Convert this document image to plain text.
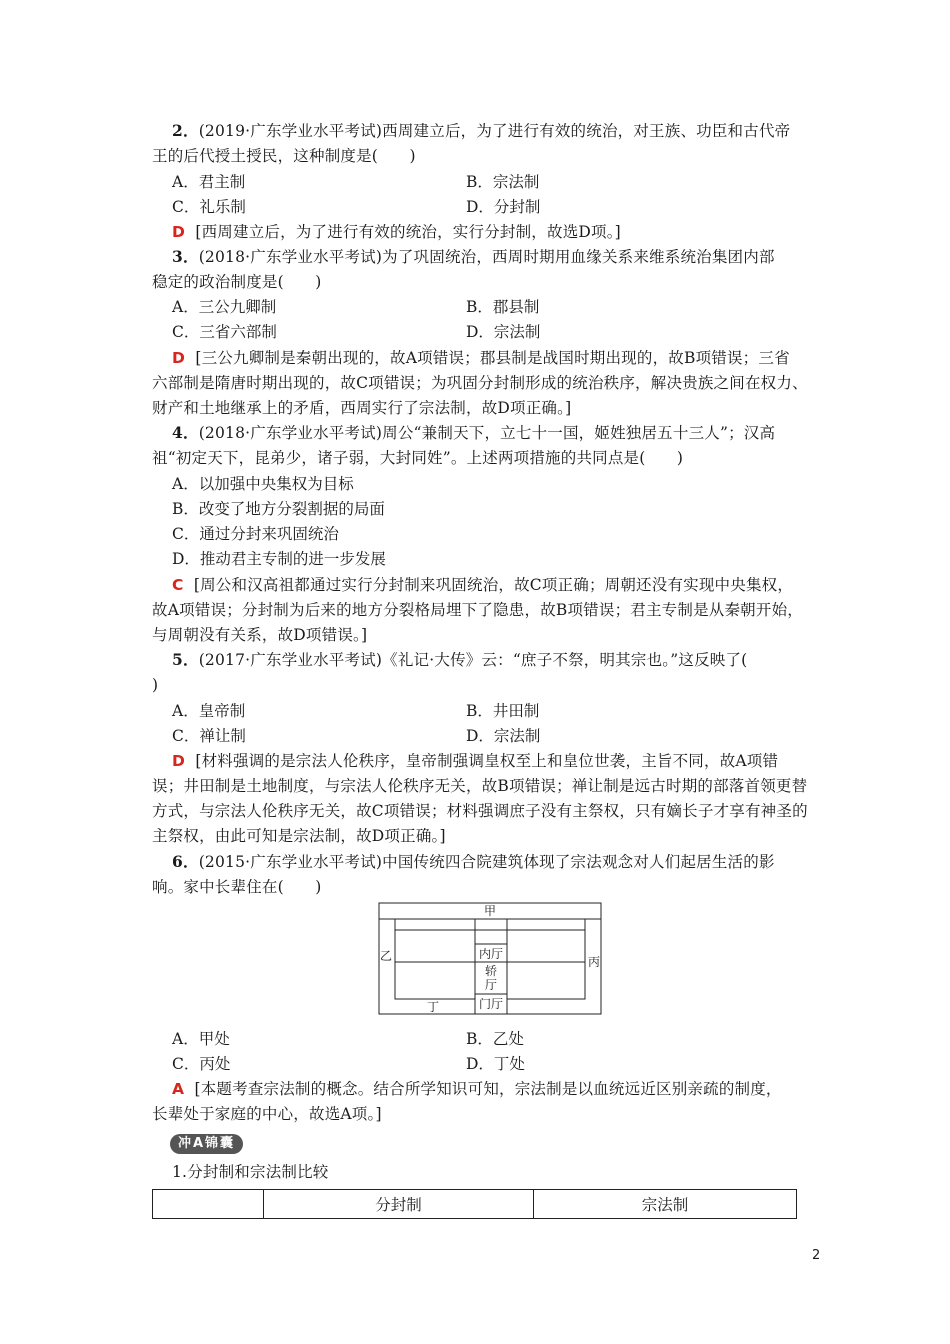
2．(2019·广东学业水平考试)西周建立后，为了进行有效的统治，对王族、功臣和古代帝
王的后代授土授民，这种制度是(　　)
A．君主制	B．宗法制
C．礼乐制	D．分封制
D [西周建立后，为了进行有效的统治，实行分封制，故选D项。]
3．(2018·广东学业水平考试)为了巩固统治，西周时期用血缘关系来维系统治集团内部
稳定的政治制度是(　　)
A．三公九卿制	B．郡县制
C．三省六部制	D．宗法制
D [三公九卿制是秦朝出现的，故A项错误；郡县制是战国时期出现的，故B项错误；三省
六部制是隋唐时期出现的，故C项错误；为巩固分封制形成的统治秩序，解决贵族之间在权力、
财产和土地继承上的矛盾，西周实行了宗法制，故D项正确。]
4．(2018·广东学业水平考试)周公“兼制天下，立七十一国，姬姓独居五十三人”；汉高
祖“初定天下，昆弟少，诸子弱，大封同姓”。上述两项措施的共同点是(　　)
A．以加强中央集权为目标
B．改变了地方分裂割据的局面
C．通过分封来巩固统治
D．推动君主专制的进一步发展
C [周公和汉高祖都通过实行分封制来巩固统治，故C项正确；周朝还没有实现中央集权，
故A项错误；分封制为后来的地方分裂格局埋下了隐患，故B项错误；君主专制是从秦朝开始，
与周朝没有关系，故D项错误。]
5．(2017·广东学业水平考试)《礼记·大传》云：“庶子不祭，明其宗也。”这反映了(
)
A．皇帝制	B．井田制
C．禅让制	D．宗法制
D [材料强调的是宗法人伦秩序，皇帝制强调皇权至上和皇位世袭，主旨不同，故A项错
误；井田制是土地制度，与宗法人伦秩序无关，故B项错误；禅让制是远古时期的部落首领更替
方式，与宗法人伦秩序无关，故C项错误；材料强调庶子没有主祭权，只有嫡长子才享有神圣的
主祭权，由此可知是宗法制，故D项正确。]
6．(2015·广东学业水平考试)中国传统四合院建筑体现了宗法观念对人们起居生活的影
响。家中长辈住在(　　)
甲
乙	丙
丁
内厅
轿
厅
门厅
A．甲处	B．乙处
C．丙处	D．丁处
A [本题考查宗法制的概念。结合所学知识可知，宗法制是以血统远近区别亲疏的制度，
长辈处于家庭的中心，故选A项。]
冲A锦囊
1.分封制和宗法制比较
	分封制	宗法制
2
